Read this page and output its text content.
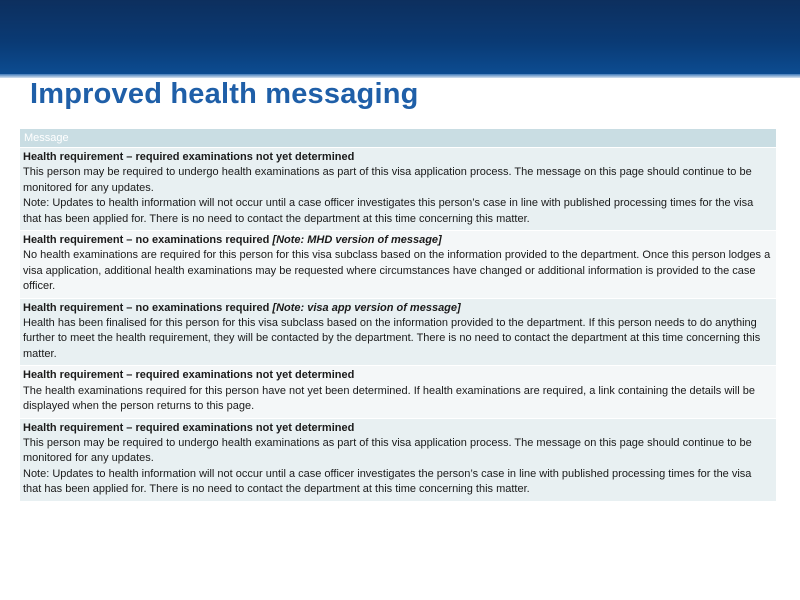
Improved health messaging
Message

Health requirement – required examinations not yet determined
This person may be required to undergo health examinations as part of this visa application process. The message on this page should continue to be monitored for any updates.
Note: Updates to health information will not occur until a case officer investigates this person’s case in line with published processing times for the visa that has been applied for. There is no need to contact the department at this time concerning this matter.

Health requirement – no examinations required [Note: MHD version of message]
No health examinations are required for this person for this visa subclass based on the information provided to the department. Once this person lodges a visa application, additional health examinations may be requested where circumstances have changed or additional information is provided to the case officer.

Health requirement – no examinations required [Note: visa app version of message]
Health has been finalised for this person for this visa subclass based on the information provided to the department. If this person needs to do anything further to meet the health requirement, they will be contacted by the department. There is no need to contact the department at this time concerning this matter.

Health requirement – required examinations not yet determined
The health examinations required for this person have not yet been determined. If health examinations are required, a link containing the details will be displayed when the person returns to this page.

Health requirement – required examinations not yet determined
This person may be required to undergo health examinations as part of this visa application process. The message on this page should continue to be monitored for any updates.
Note: Updates to health information will not occur until a case officer investigates the person’s case in line with published processing times for the visa that has been applied for. There is no need to contact the department at this time concerning this matter.
